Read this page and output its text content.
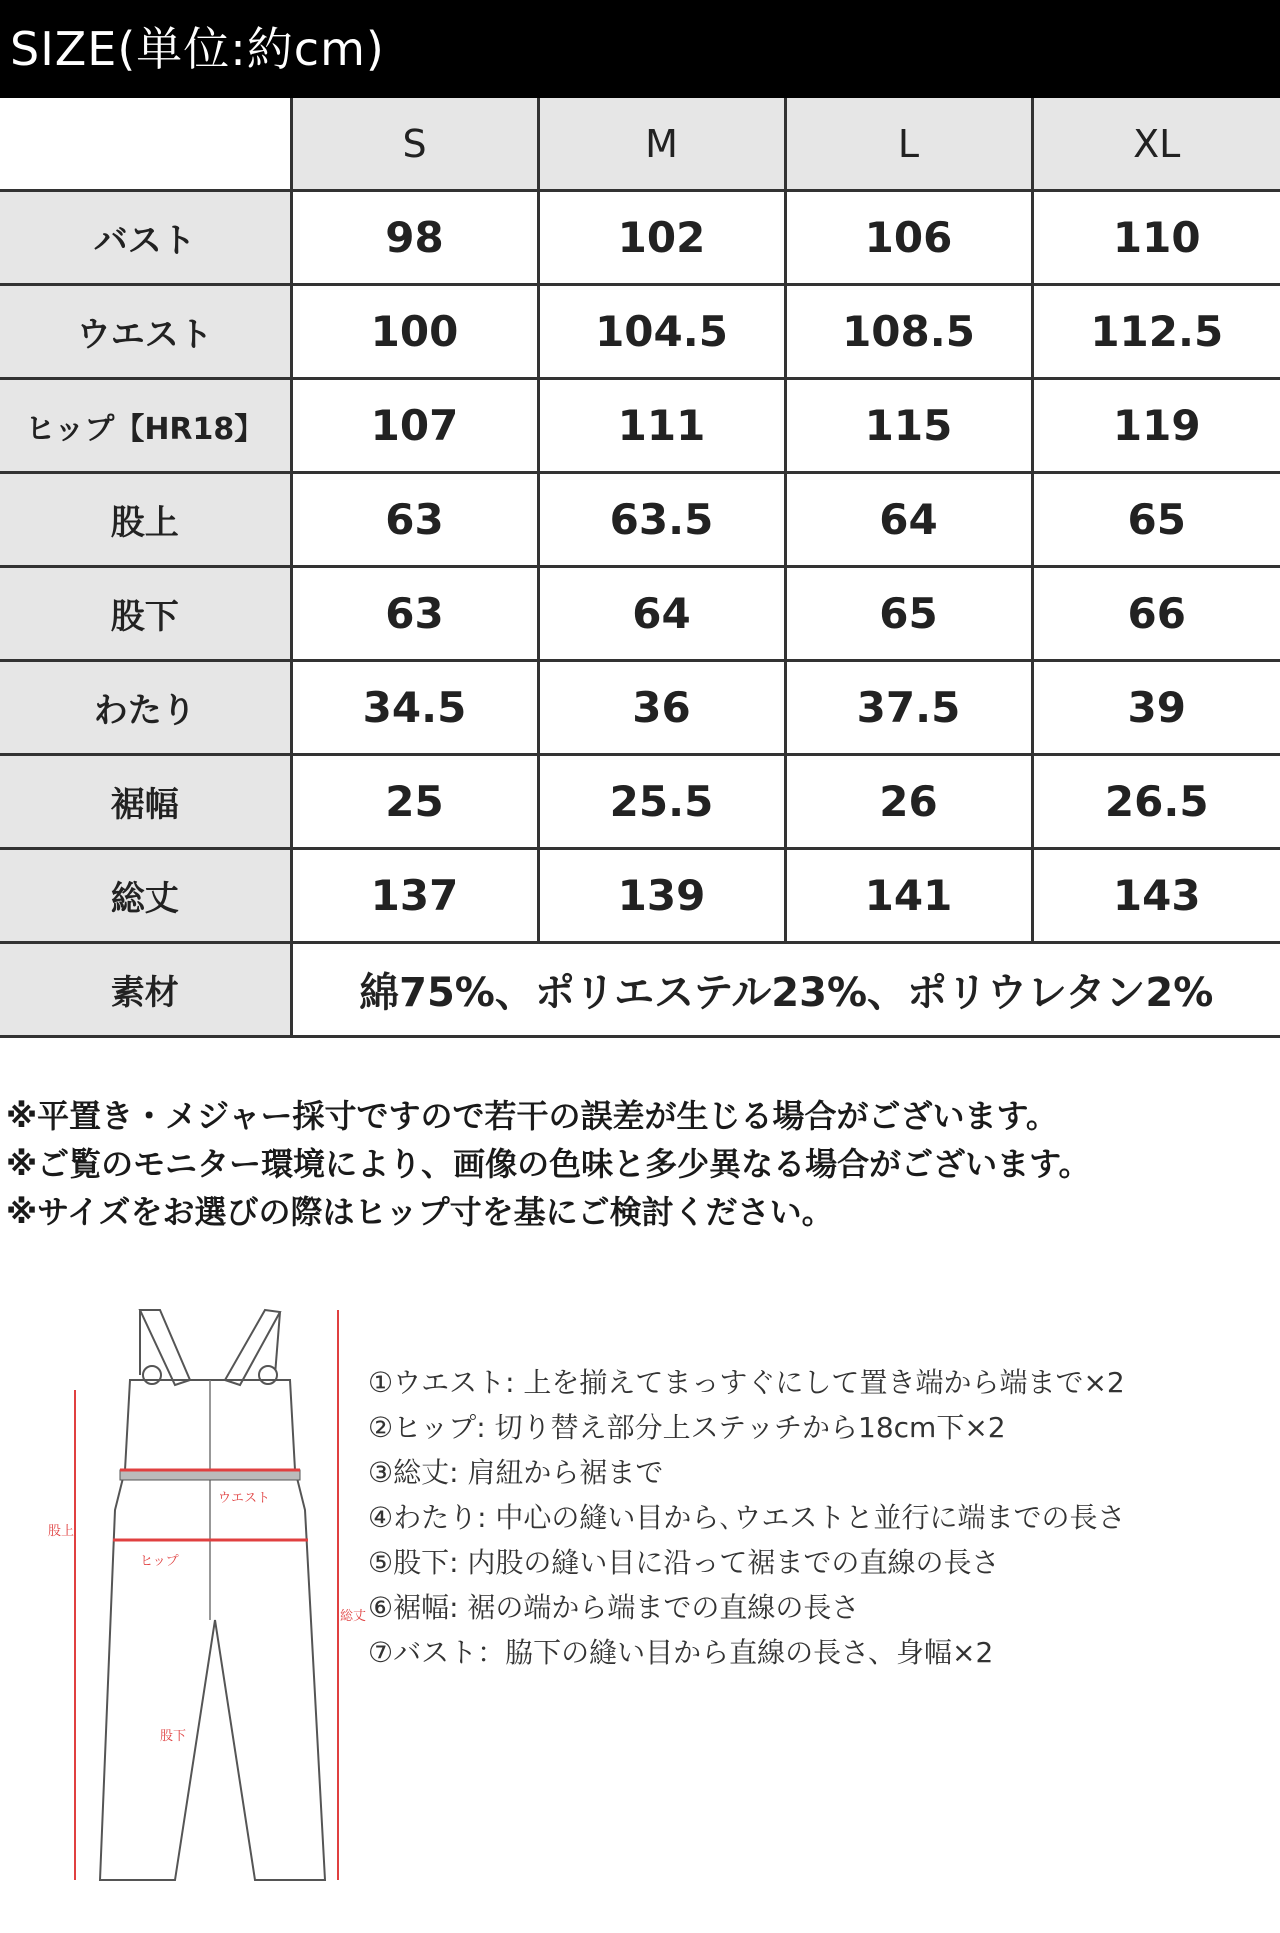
SIZE(単位:約cm)
	S	M	L	XL
バスト	98	102	106	110
ウエスト	100	104.5	108.5	112.5
ヒップ【HR18】	107	111	115	119
股上	63	63.5	64	65
股下	63	64	65	66
わたり	34.5	36	37.5	39
裾幅	25	25.5	26	26.5
総丈	137	139	141	143
素材	綿75%、ポリエステル23%、ポリウレタン2%			
※平置き・メジャー採寸ですので若干の誤差が生じる場合がございます。
※ご覧のモニター環境により、画像の色味と多少異なる場合がございます。
※サイズをお選びの際はヒップ寸を基にご検討ください。
ウエスト
ヒップ
股下
股上
総丈
①ウエスト: 上を揃えてまっすぐにして置き端から端まで×2
②ヒップ: 切り替え部分上ステッチから18cm下×2
③総丈: 肩紐から裾まで
④わたり: 中心の縫い目から､ウエストと並行に端までの長さ
⑤股下: 内股の縫い目に沿って裾までの直線の長さ
⑥裾幅: 裾の端から端までの直線の長さ
⑦バスト：脇下の縫い目から直線の長さ、身幅×2
